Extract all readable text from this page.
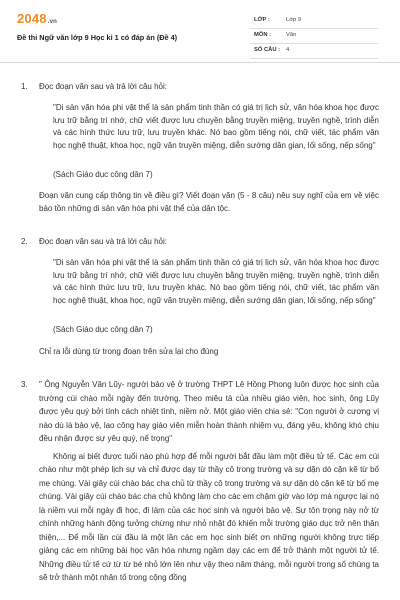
2048.vn
Đề thi Ngữ văn lớp 9 Học kì 1 có đáp án (Đề 4)
LỚP :	Lớp 9
MÔN :	Văn
SỐ CÂU : 4
1. Đọc đoạn văn sau và trả lời câu hỏi:
"Di sản văn hóa phi vật thể là sản phẩm tinh thần có giá trị lịch sử, văn hóa khoa học được lưu trữ bằng trí nhớ, chữ viết được lưu chuyền bằng truyền miệng, truyền nghề, trình diễn và các hình thức lưu trữ, lưu truyền khác. Nó bao gồm tiếng nói, chữ viết, tác phẩm văn học nghệ thuật, khoa học, ngữ văn truyền miệng, diễn sướng dân gian, lối sống, nếp sống"
(Sách Giáo dục công dân 7)
Đoạn văn cung cấp thông tin về điều gì? Viết đoạn văn (5 - 8 câu) nêu suy nghĩ của em về việc bảo tồn những di sản văn hóa phi vật thể của dân tộc.
2. Đọc đoạn văn sau và trả lời câu hỏi:
"Di sản văn hóa phi vật thể là sản phẩm tinh thần có giá trị lịch sử, văn hóa khoa học được lưu trữ bằng trí nhớ, chữ viết được lưu chuyền bằng truyền miệng, truyền nghề, trình diễn và các hình thức lưu trữ, lưu truyền khác. Nó bao gồm tiếng nói, chữ viết, tác phẩm văn học nghệ thuật, khoa học, ngữ văn truyền miệng, diễn sướng dân gian, lối sống, nếp sống"
(Sách Giáo dục công dân 7)
Chỉ ra lỗi dùng từ trong đoạn trên sửa lại cho đúng
3. " Ông Nguyễn Văn Lũy- người bảo vệ ở trường THPT Lê Hồng Phong luôn được học sinh của trường cúi chào mỗi ngày đến trường. Theo miêu tả của nhiều giáo viên, học sinh, ông Lũy được yêu quý bởi tính cách nhiệt tình, niềm nở. Một giáo viên chia sẻ: "Con người ở cương vị nào dù là bảo vệ, lao công hay giáo viên miễn hoàn thành nhiệm vụ, đáng yêu, không khó chịu đều nhận được sự yêu quý, nể trọng"
Không ai biết được tuổi nào phù hợp để mỗi người bắt đầu làm một điều tử tế. Các em cúi chào như một phép lịch sự và chỉ được dạy từ thầy cô trong trường và sự dặn dò cặn kẽ từ bố mẹ chúng. Vài giây cúi chào bác cha chủ từ thầy cô trong trường và sự dặn dò cặn kẽ từ bố mẹ chúng. Vài giây cúi chào bác cha chủ không làm cho các em chậm giờ vào lớp mà ngược lại nó là niềm vui mỗi ngày đi học, đi làm của các học sinh và người bảo vệ. Sự tôn trọng này nở từ chính những hành động tưởng chừng như nhỏ nhặt đó khiến mỗi trường giáo dục trở nên thân thiện,... Để mỗi lần cúi đầu là một lần các em học sinh biết ơn những người không trực tiếp giảng các em những bài học văn hóa nhưng ngầm dạy các em để trở thành một người tử tế. Những điều tử tế cứ từ từ bé nhỏ lớn lên như vậy theo năm tháng, mỗi người trong số chúng ta sẽ trở thành một nhân tố trong cộng đồng
